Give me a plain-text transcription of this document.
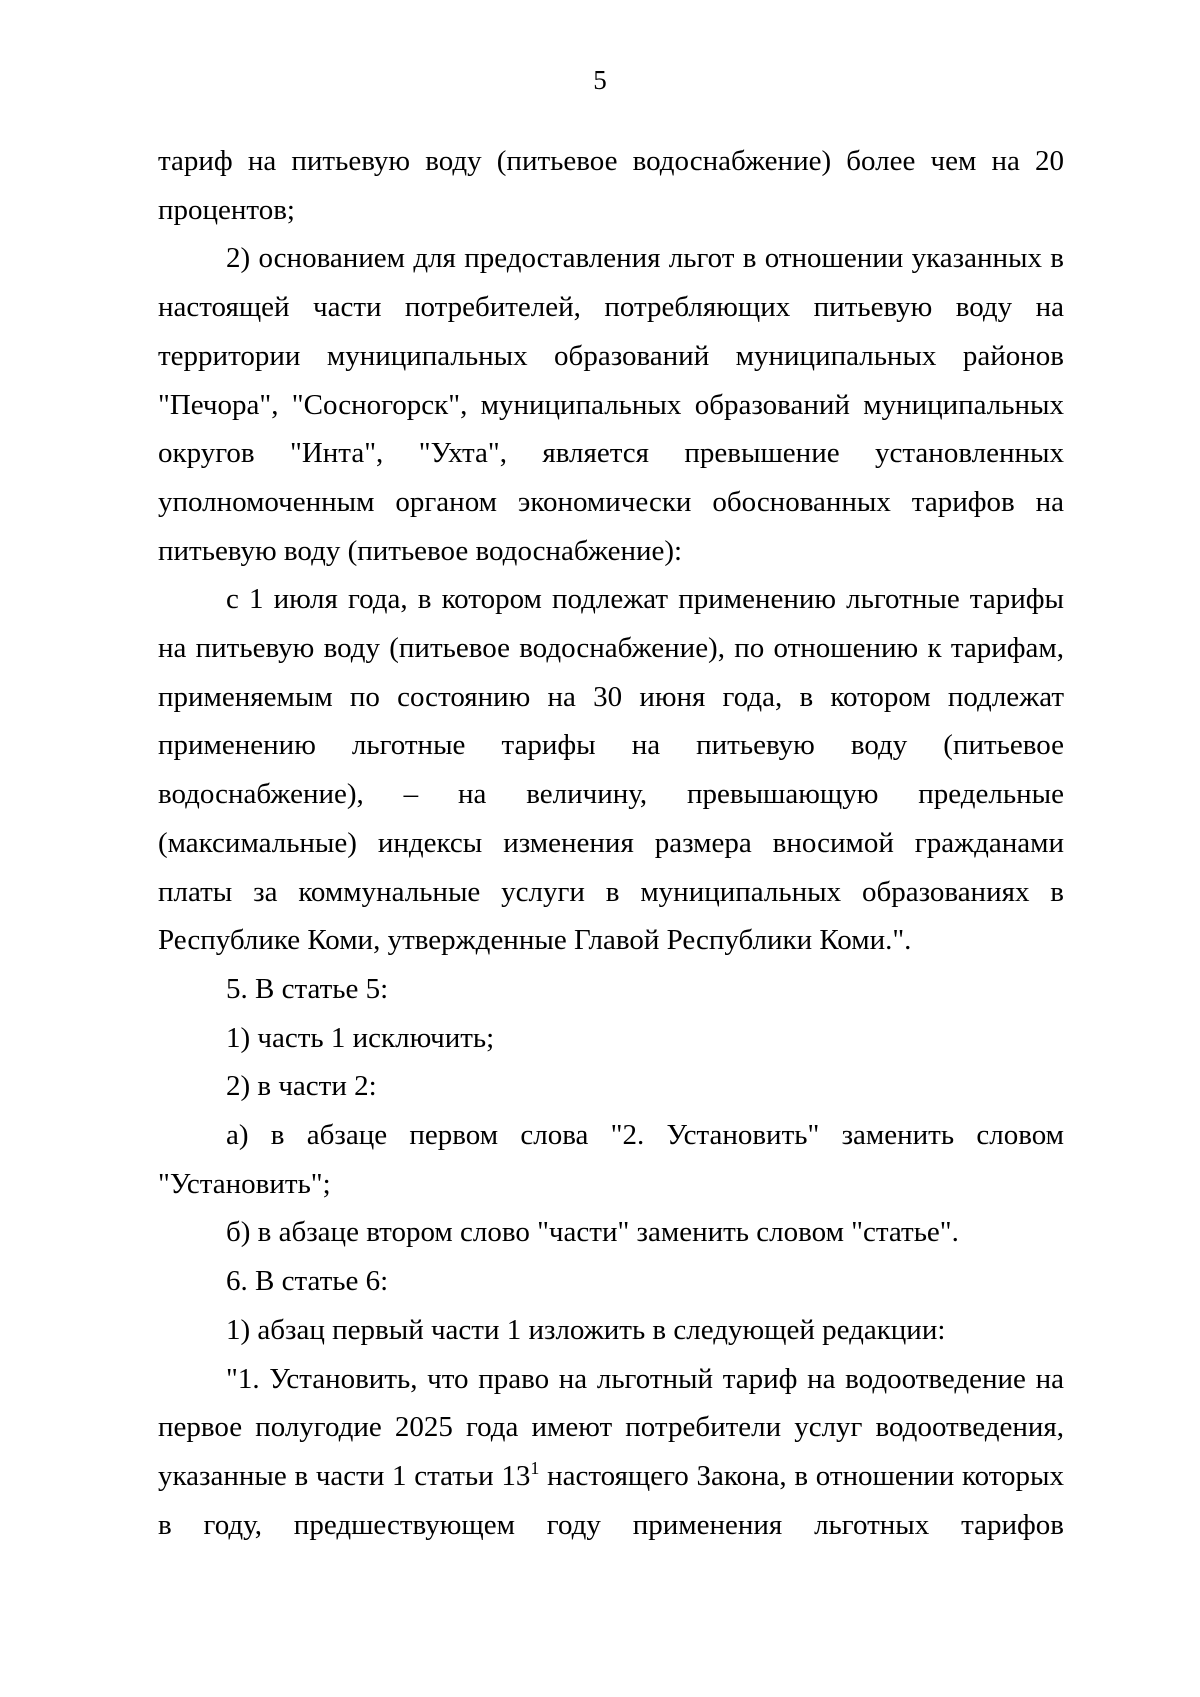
5

тариф на питьевую воду (питьевое водоснабжение) более чем на 20 процентов;

2) основанием для предоставления льгот в отношении указанных в настоящей части потребителей, потребляющих питьевую воду на территории муниципальных образований муниципальных районов "Печора", "Сосногорск", муниципальных образований муниципальных округов "Инта", "Ухта", является превышение установленных уполномоченным органом экономически обоснованных тарифов на питьевую воду (питьевое водоснабжение):

с 1 июля года, в котором подлежат применению льготные тарифы на питьевую воду (питьевое водоснабжение), по отношению к тарифам, применяемым по состоянию на 30 июня года, в котором подлежат применению льготные тарифы на питьевую воду (питьевое водоснабжение), – на величину, превышающую предельные (максимальные) индексы изменения размера вносимой гражданами платы за коммунальные услуги в муниципальных образованиях в Республике Коми, утвержденные Главой Республики Коми.".

5. В статье 5:

1) часть 1 исключить;

2) в части 2:

а) в абзаце первом слова "2. Установить" заменить словом "Установить";

б) в абзаце втором слово "части" заменить словом "статье".

6. В статье 6:

1) абзац первый части 1 изложить в следующей редакции:

"1. Установить, что право на льготный тариф на водоотведение на первое полугодие 2025 года имеют потребители услуг водоотведения, указанные в части 1 статьи $13^1$ настоящего Закона, в отношении которых в году, предшествующем году применения льготных тарифов
